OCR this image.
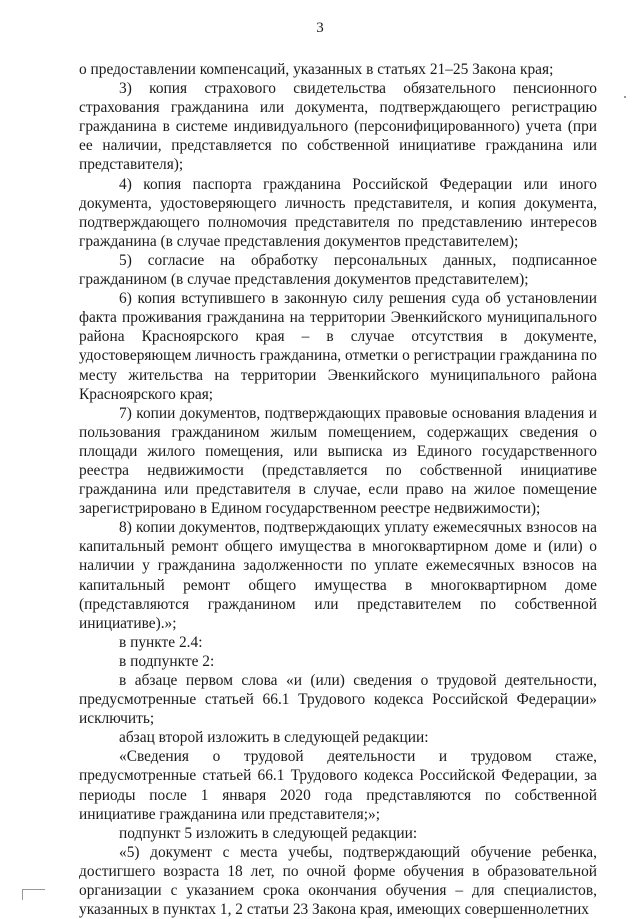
3

о предоставлении компенсаций, указанных в статьях 21–25 Закона края;

3) копия страхового свидетельства обязательного пенсионного страхования гражданина или документа, подтверждающего регистрацию гражданина в системе индивидуального (персонифицированного) учета (при ее наличии, представляется по собственной инициативе гражданина или представителя);

4) копия паспорта гражданина Российской Федерации или иного документа, удостоверяющего личность представителя, и копия документа, подтверждающего полномочия представителя по представлению интересов гражданина (в случае представления документов представителем);

5) согласие на обработку персональных данных, подписанное гражданином (в случае представления документов представителем);

6) копия вступившего в законную силу решения суда об установлении факта проживания гражданина на территории Эвенкийского муниципального района Красноярского края – в случае отсутствия в документе, удостоверяющем личность гражданина, отметки о регистрации гражданина по месту жительства на территории Эвенкийского муниципального района Красноярского края;

7) копии документов, подтверждающих правовые основания владения и пользования гражданином жилым помещением, содержащих сведения о площади жилого помещения, или выписка из Единого государственного реестра недвижимости (представляется по собственной инициативе гражданина или представителя в случае, если право на жилое помещение зарегистрировано в Едином государственном реестре недвижимости);

8) копии документов, подтверждающих уплату ежемесячных взносов на капитальный ремонт общего имущества в многоквартирном доме и (или) о наличии у гражданина задолженности по уплате ежемесячных взносов на капитальный ремонт общего имущества в многоквартирном доме (представляются гражданином или представителем по собственной инициативе).»;

в пункте 2.4:

в подпункте 2:

в абзаце первом слова «и (или) сведения о трудовой деятельности, предусмотренные статьей 66.1 Трудового кодекса Российской Федерации» исключить;

абзац второй изложить в следующей редакции:

«Сведения о трудовой деятельности и трудовом стаже, предусмотренные статьей 66.1 Трудового кодекса Российской Федерации, за периоды после 1 января 2020 года представляются по собственной инициативе гражданина или представителя;»;

подпункт 5 изложить в следующей редакции:

«5) документ с места учебы, подтверждающий обучение ребенка, достигшего возраста 18 лет, по очной форме обучения в образовательной организации с указанием срока окончания обучения – для специалистов, указанных в пунктах 1, 2 статьи 23 Закона края, имеющих совершеннолетних
